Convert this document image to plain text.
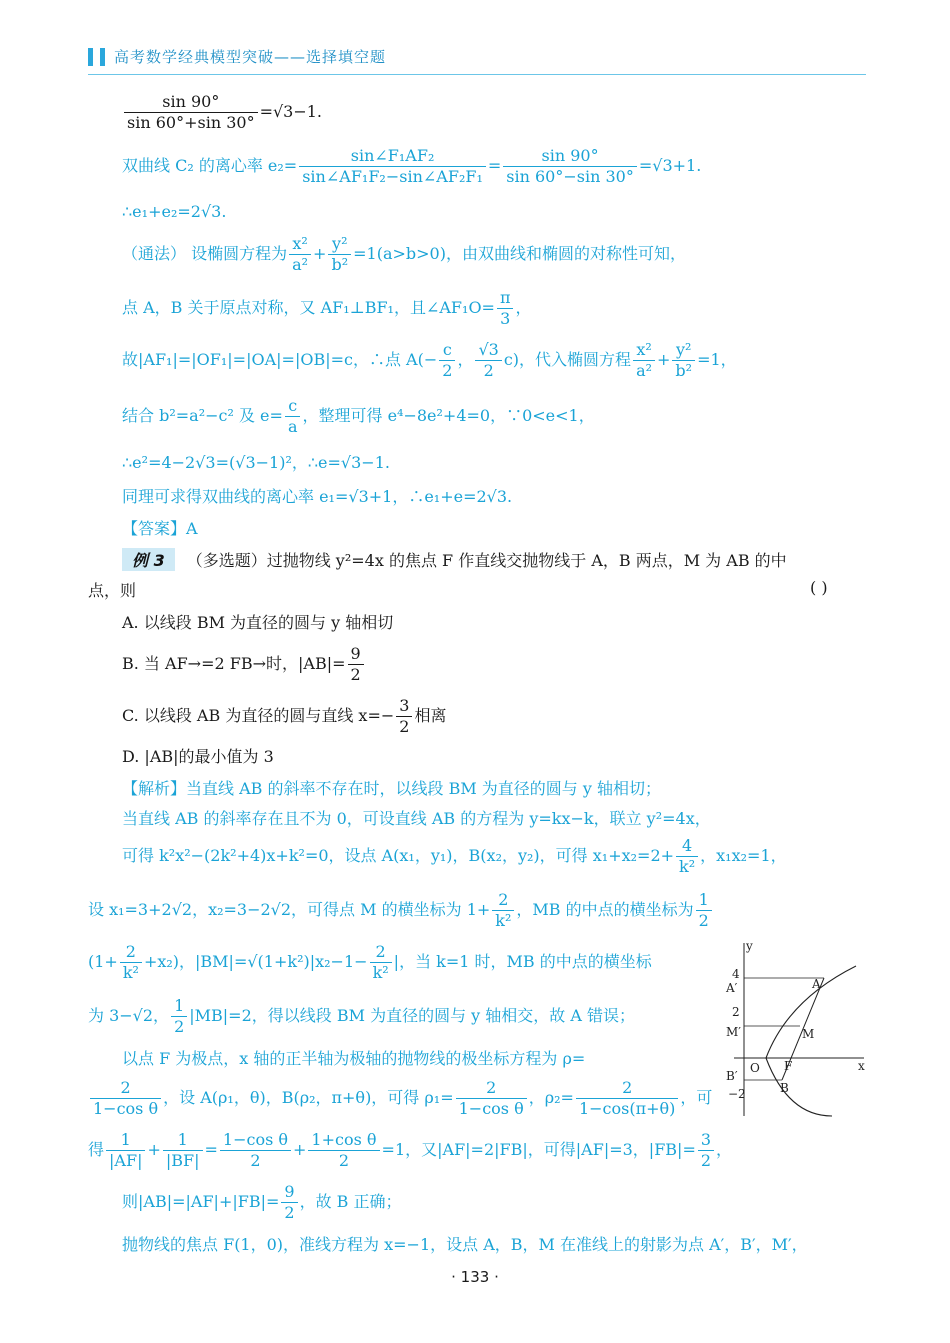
高考数学经典模型突破——选择填空题
$\frac{\sin 90^\circ}{\sin 60^\circ+\sin 30^\circ} =√3-1$.
双曲线 C₂ 的离心率 $e_2= \frac{\text{sin∠F₁AF₂}}{\text{sin∠AF₁F₂−sin∠AF₂F₁}} = \frac{\sin 90^\circ}{\sin 60^\circ-\sin 30^\circ} =√3+1$.
∴e₁+e₂=2√3.
（通法） 设椭圆方程为 $\frac{\text{x²}}{\text{a²}} + \frac{\text{y²}}{\text{b²}} =1(a>b>0)$，由双曲线和椭圆的对称性可知，
点 A，B 关于原点对称，又 AF₁⊥BF₁，且∠AF₁O= $\frac{\pi}{3}$ ，
故|AF₁|=|OF₁|=|OA|=|OB|=c，∴点 $A(- \frac{c}{2}$ ， $\frac{√3}{2} c$)，代入椭圆方程 $\frac{\text{x²}}{\text{a²}} + \frac{\text{y²}}{\text{b²}} =1$，
结合 b²=a²−c² 及 $e= \frac{c}{a}$ ，整理可得 e⁴−8e²+4=0，∵0<e<1，
∴e²=4−2√3=(√3−1)²，∴e=√3−1.
同理可求得双曲线的离心率 e₁=√3+1，∴e₁+e=2√3.
【答案】A
例 3 （多选题）过抛物线 y²=4x 的焦点 F 作直线交抛物线于 A，B 两点，M 为 AB 的中
点，则	( )
A. 以线段 BM 为直径的圆与 y 轴相切
B. 当 AF→=2 FB→时，$|AB|= \frac{9}{2}$
C. 以线段 AB 为直径的圆与直线 $x=- \frac{3}{2}$ 相离
D. |AB|的最小值为 3
【解析】当直线 AB 的斜率不存在时，以线段 BM 为直径的圆与 y 轴相切；
当直线 AB 的斜率存在且不为 0，可设直线 AB 的方程为 y=kx−k，联立 y²=4x，
可得 k²x²−(2k²+4)x+k²=0，设点 A(x₁，y₁)，B(x₂，y₂)，可得 $x_1+x_2=2+ \frac{4}{\text{k²}}$ ，x₁x₂=1，
设 x₁=3+2√2，x₂=3−2√2，可得点 M 的横坐标为 $1+ \frac{2}{\text{k²}}$ ，MB 的中点的横坐标为 $\frac{1}{2}$
$(1+ \frac{2}{\text{k²}} +x_2)$，$|BM|=√(1+k^2)|x_2-1- \frac{2}{\text{k²}}$ |，当 k=1 时，MB 的中点的横坐标
为 3−√2， $\frac{1}{2} |MB|=2$，得以线段 BM 为直径的圆与 y 轴相交，故 A 错误；
以点 F 为极点，x 轴的正半轴为极轴的抛物线的极坐标方程为 ρ=
$\frac{2}{\text{1−cos θ}}$ ，设 A(ρ₁，θ)，B(ρ₂，π+θ)，可得 $\rho_1= \frac{2}{\text{1−cos θ}}$ ，$\rho_2= \frac{2}{1-\cos(\pi+\theta)}$ ，可
得 $\frac{1}{|AF|} + \frac{1}{|BF|} = \frac{\text{1−cos θ}}{2} + \frac{\text{1+cos θ}}{2} =1$，又|AF|=2|FB|，可得|AF|=3，$|FB|= \frac{3}{2}$ ，
则$|AB|=|AF|+|FB|= \frac{9}{2}$ ，故 B 正确；
抛物线的焦点 F(1，0)，准线方程为 x=−1，设点 A，B，M 在准线上的射影为点 A′，B′，M′，
y
x
4
2
−2
O F
A
B
M
A′
B′
M′
· 133 ·
